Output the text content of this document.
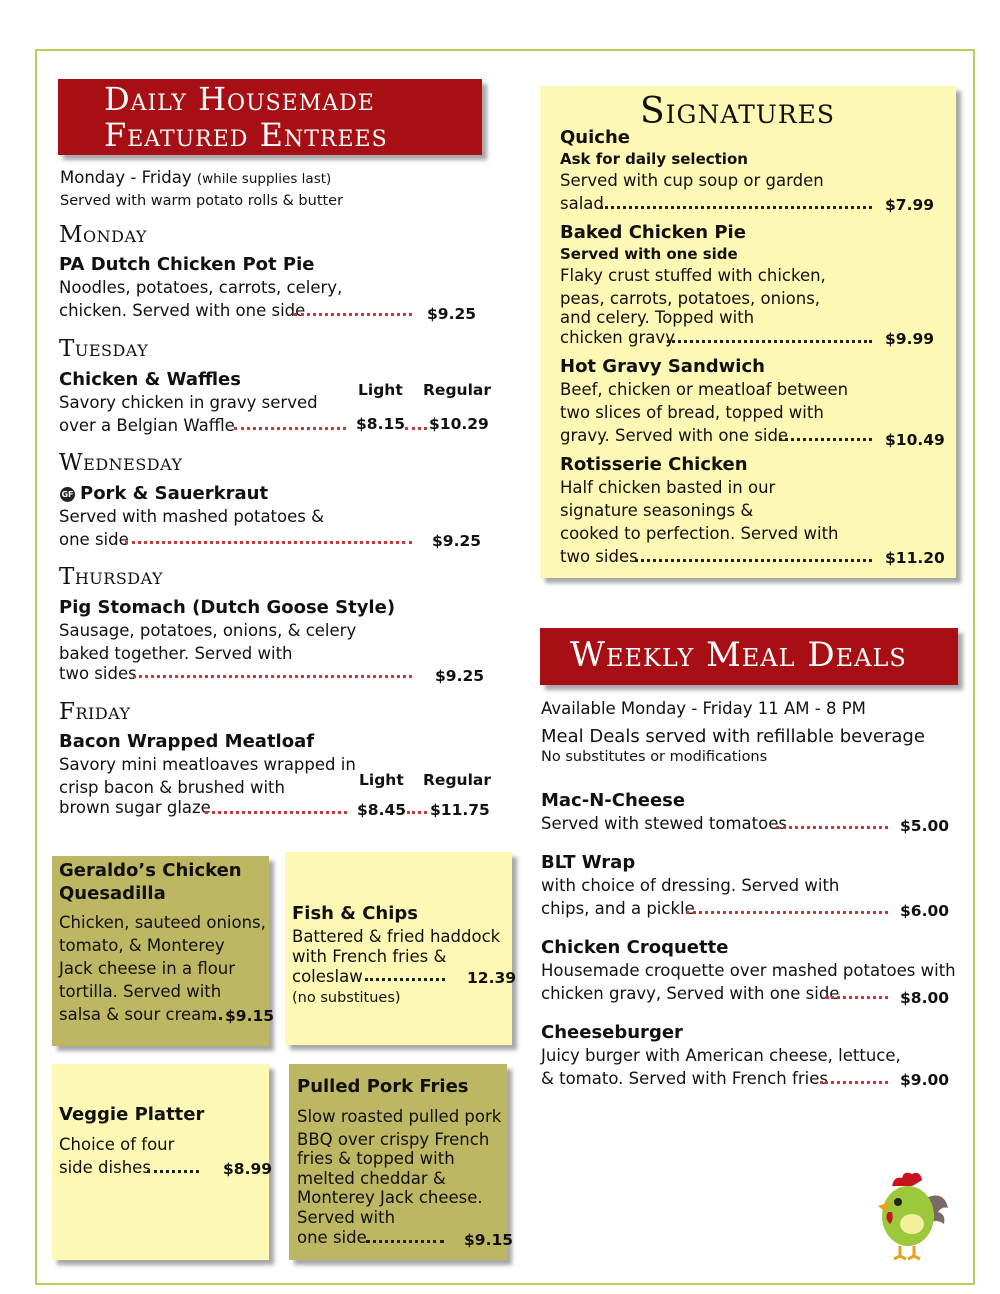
Daily Housemade
Featured Entrees
Monday - Friday (while supplies last)
Served with warm potato rolls & butter
Monday
PA Dutch Chicken Pot Pie
Noodles, potatoes, carrots, celery,
chicken. Served with one side	$9.25
Tuesday
Chicken & Waffles	Light Regular
Savory chicken in gravy served
over a Belgian Waffle	$8.15 $10.29
Wednesday
GF Pork & Sauerkraut
Served with mashed potatoes &
one side	$9.25
Thursday
Pig Stomach (Dutch Goose Style)
Sausage, potatoes, onions, & celery
baked together. Served with
two sides	$9.25
Friday
Bacon Wrapped Meatloaf
Savory mini meatloaves wrapped in
Light Regular
crisp bacon & brushed with
brown sugar glaze	$8.45 $11.75
Signatures
Quiche
Ask for daily selection
Served with cup soup or garden
salad	$7.99
Baked Chicken Pie
Served with one side
Flaky crust stuffed with chicken,
peas, carrots, potatoes, onions,
and celery. Topped with
chicken gravy	$9.99
Hot Gravy Sandwich
Beef, chicken or meatloaf between
two slices of bread, topped with
gravy. Served with one side	$10.49
Rotisserie Chicken
Half chicken basted in our
signature seasonings &
cooked to perfection. Served with
two sides	$11.20
Weekly Meal Deals
Available Monday - Friday 11 AM - 8 PM
Meal Deals served with refillable beverage
No substitutes or modifications
Mac-N-Cheese
Served with stewed tomatoes	$5.00
BLT Wrap
with choice of dressing. Served with
chips, and a pickle	$6.00
Chicken Croquette
Housemade croquette over mashed potatoes with
chicken gravy, Served with one side	$8.00
Cheeseburger
Juicy burger with American cheese, lettuce,
& tomato. Served with French fries	$9.00
Geraldo’s Chicken
Quesadilla
Chicken, sauteed onions,
tomato, & Monterey
Jack cheese in a flour
tortilla. Served with
salsa & sour cream $9.15
Fish & Chips
Battered & fried haddock
with French fries &
coleslaw	12.39
(no substitues)
Veggie Platter
Choice of four
side dishes	$8.99
Pulled Pork Fries
Slow roasted pulled pork
BBQ over crispy French
fries & topped with
melted cheddar &
Monterey Jack cheese.
Served with
one side	$9.15
